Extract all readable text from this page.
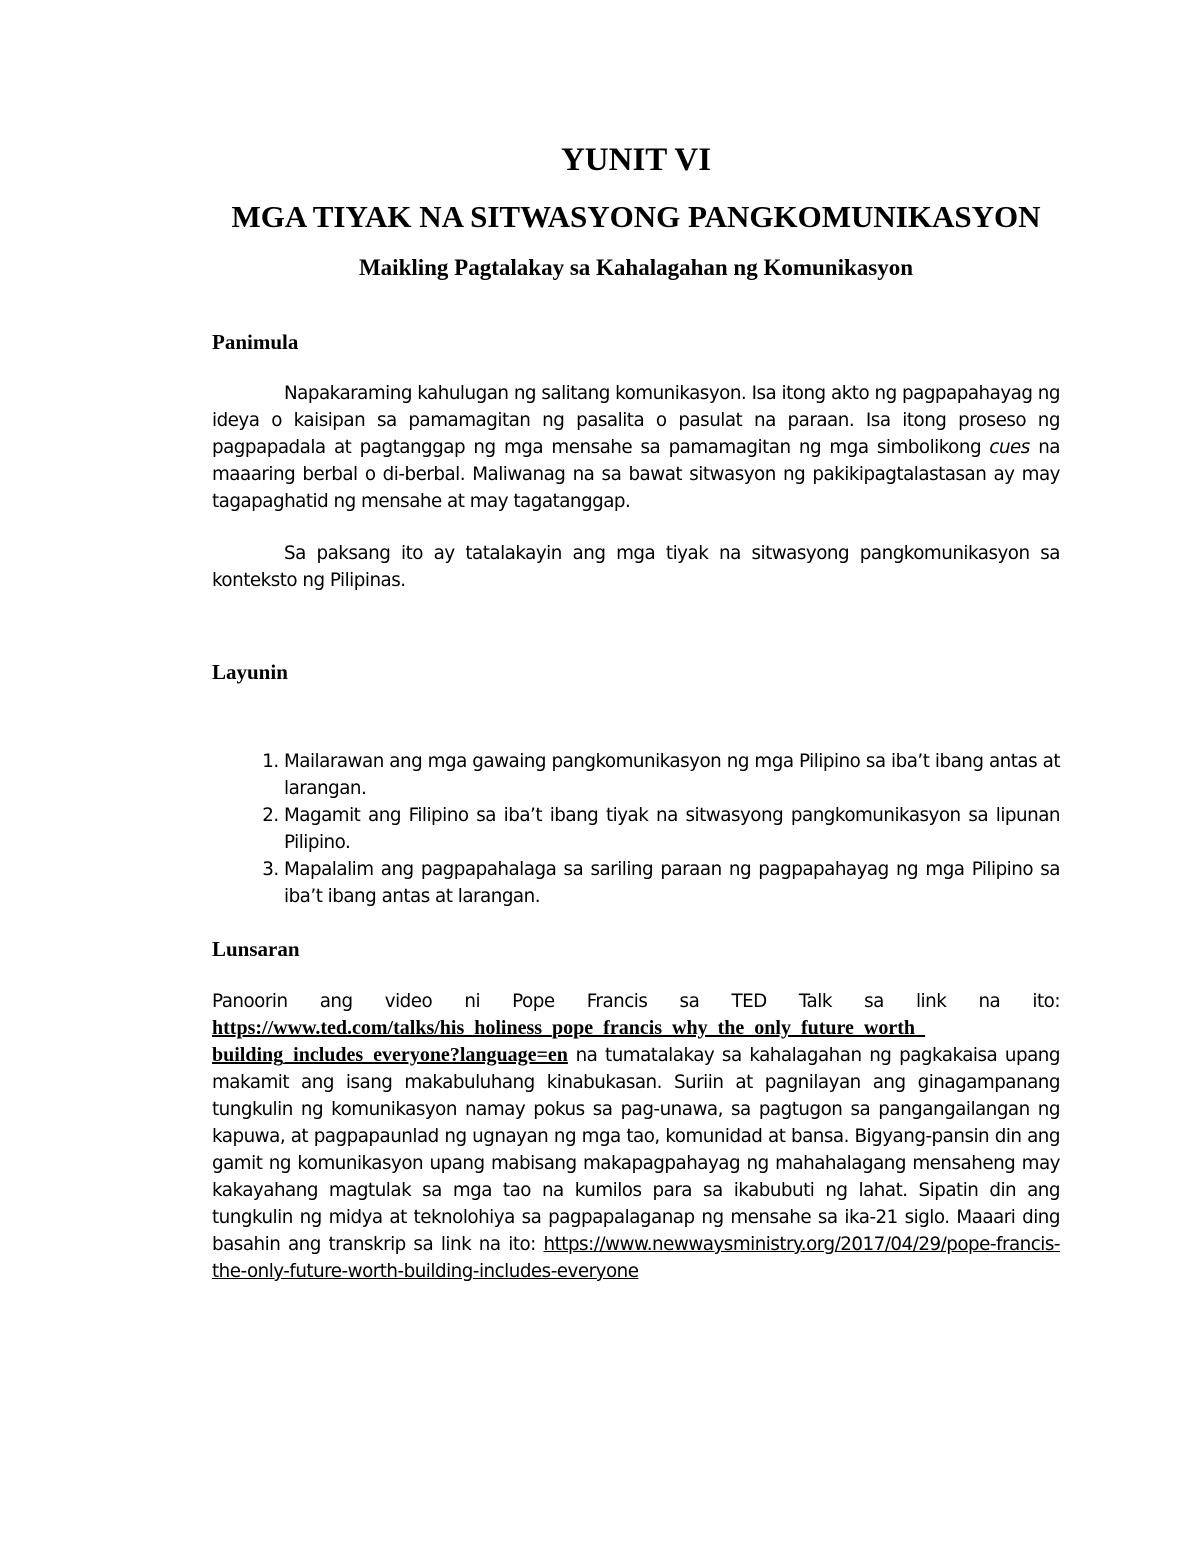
YUNIT VI
MGA TIYAK NA SITWASYONG PANGKOMUNIKASYON
Maikling Pagtalakay sa Kahalagahan ng Komunikasyon
Panimula

Napakaraming kahulugan ng salitang komunikasyon. Isa itong akto ng pagpapahayag ng ideya o kaisipan sa pamamagitan ng pasalita o pasulat na paraan. Isa itong proseso ng pagpapadala at pagtanggap ng mga mensahe sa pamamagitan ng mga simbolikong cues na maaaring berbal o di-berbal. Maliwanag na sa bawat sitwasyon ng pakikipagtalastasan ay may tagapaghatid ng mensahe at may tagatanggap.

Sa paksang ito ay tatalakayin ang mga tiyak na sitwasyong pangkomunikasyon sa konteksto ng Pilipinas.

Layunin
1. Mailarawan ang mga gawaing pangkomunikasyon ng mga Pilipino sa iba’t ibang antas at larangan.
2. Magamit ang Filipino sa iba’t ibang tiyak na sitwasyong pangkomunikasyon sa lipunan Pilipino.
3. Mapalalim ang pagpapahalaga sa sariling paraan ng pagpapahayag ng mga Pilipino sa iba’t ibang antas at larangan.
Lunsaran

Panoorin ang video ni Pope Francis sa TED Talk sa link na ito: https://www.ted.com/talks/his_holiness_pope_francis_why_the_only_future_worth_ building_includes_everyone?language=en na tumatalakay sa kahalagahan ng pagkakaisa upang makamit ang isang makabuluhang kinabukasan. Suriin at pagnilayan ang ginagampanang tungkulin ng komunikasyon namay pokus sa pag-unawa, sa pagtugon sa pangangailangan ng kapuwa, at pagpapaunlad ng ugnayan ng mga tao, komunidad at bansa. Bigyang-pansin din ang gamit ng komunikasyon upang mabisang makapagpahayag ng mahahalagang mensaheng may kakayahang magtulak sa mga tao na kumilos para sa ikabubuti ng lahat. Sipatin din ang tungkulin ng midya at teknolohiya sa pagpapalaganap ng mensahe sa ika-21 siglo. Maaari ding basahin ang transkrip sa link na ito: https://www.newwaysministry.org/2017/04/29/pope-francis-the-only-future-worth-building-includes-everyone
